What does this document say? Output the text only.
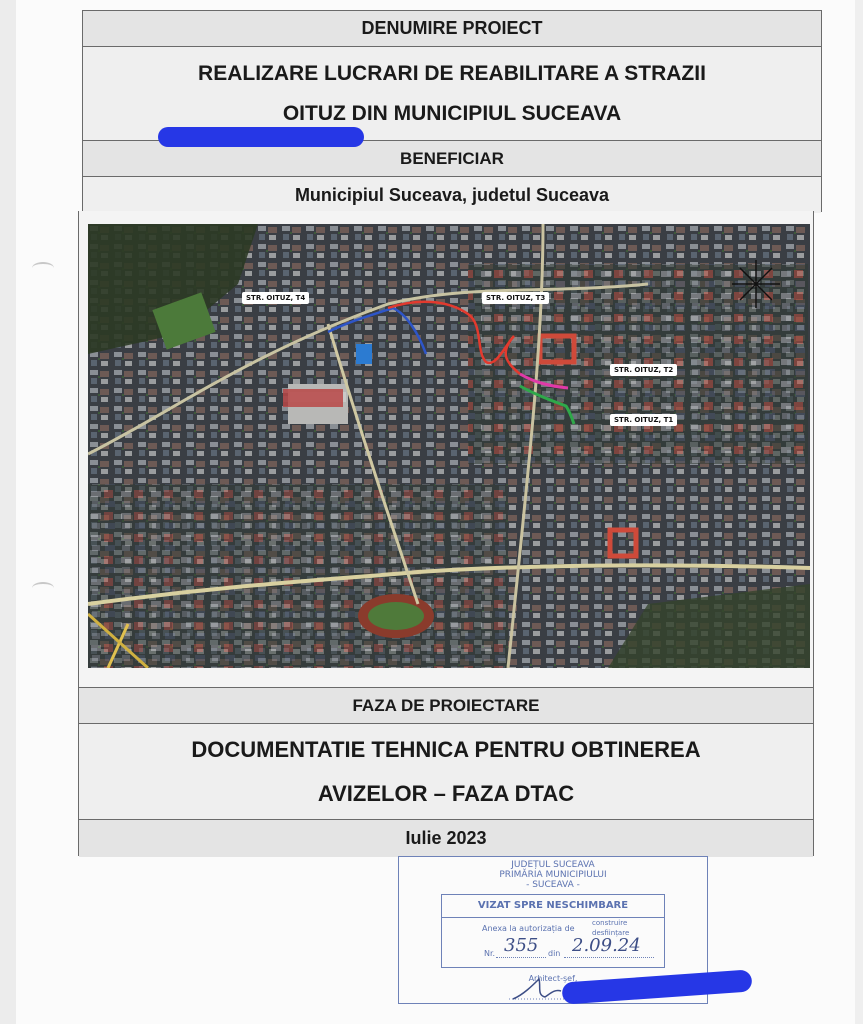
DENUMIRE PROIECT
REALIZARE LUCRARI DE REABILITARE A STRAZII
OITUZ DIN MUNICIPIUL SUCEAVA
BENEFICIAR
Municipiul Suceava, judetul Suceava
STR. OITUZ, T4	STR. OITUZ, T3
STR. OITUZ, T2
STR. OITUZ, T1
FAZA DE PROIECTARE
DOCUMENTATIE TEHNICA PENTRU OBTINEREA
AVIZELOR – FAZA DTAC
Iulie 2023
JUDEȚUL SUCEAVA
PRIMĂRIA MUNICIPIULUI
- SUCEAVA -
VIZAT SPRE NESCHIMBARE
Anexa la autorizația de
construire
desființare
Nr.	din
355 2.09.24
Arhitect-șef,
